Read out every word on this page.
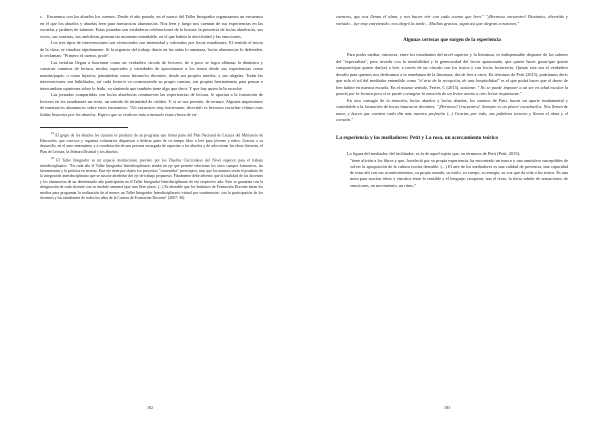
c. Encuentro con los abuelos los cuentos. Desde el año pasado, en el marco del Taller Integrador organizamos un encuentro en el que los abuelos y abuelas leen para nuestros/as alumnos/as. Nos leen y luego nos cuentan de sus experiencias en las escuelas y jardines de infantes. Estas jornadas son verdaderas celebraciones de la lectura: la presencia de los/as abuelos/as, sus voces, sus sonrisas, sus anécdotas generan un momento entrañable, en el que habita la afectividad y las emociones.

Los tres tipos de intervenciones son vivenciados con intensidad y valorados por los/as estudiantes. El sentido el inicio de la clase, se ritualiza rápidamente. Si la urgencia del trabajo diario en las aulas lo amenaza, los/as alumnos/as lo defienden, lo reclaman: "Primero el cuento, profe".

Las tertulias llegan a funcionar como un verdadero círculo de lectores, de a poco se logra alfanzar la dinámica y construir caminos de lectura, modos especiales y variedades de aproximarse a los textos desde sus experiencias como mamás/papás, o como hijas/os, pensándose como futuras/os docentes, desde sus propios miedos, y sus alegrías. Todas las intervenciones son habilitadas, así cada lector/a va construyendo su propio camino, sus propias herramientas para pensar e intercambiar opiniones sobre lo leído, va sintiendo que también tiene algo que decir. Y que hay quien lo/la escuche.

Las jornadas compartidas con los/as abuelos/as conmueven las experiencias de lectura, le aportan a la formación de lectores en los estudiantes un texto, un sentido de intimidad de calidez. Y, si se nos permite, de ternura. Algunas impresiones de nuestras/os alumnas/os sobre estos encuentros: "Un encuentro muy interesante, divertido es hermoso escuchar relatar esas lindas historias por los abuelos. Espero que se realicen más a menudo estas clases de en-

$^{19}$ El grupo de los abuelos les cuentan es producto de un programa que forma parte del Plan Nacional de Lectura del Ministerio de Educación, que convoca y organiza voluntarios dispuestos a dedicar parte de su tiempo libre a leer para jóvenes y niños. Gracias a su desarrollo, en el aseo sentimiento y a coordinación de una persona encargada de capacitar a los abuelos y de seleccionar las obras literarias, el Plan de Lectura, la Jefatura Distrital y los abuelos.

$^{20}$ El Taller Integrador es un espacio institucional, previsto por los Diseños Curriculares del Nivel superior para el trabajo interdisciplinario. "En cada año el Taller Integrador Interdisciplinario tendrá un eje que permite relacionar los otros campos formativos, las herramientas y la práctica en terreno. Este eje tiene por objeto los proyectos "contenidos" prescriptos, sino que los mismos serán el producto de la integración interdisciplinaria que se suscite alrededor del eje de trabajo propuesto. Finalmente debe advertir que la totalidad de los docentes y los alumnos/as de un determinado año participarán en el Taller Integrador Interdisciplinario de ese respectivo año. Esto se garantiza con la designación de cada docente con su modulo semanal (que una lleve plazo. (...) Es deseable que los Institutos de Formación Docente abran los medios para programar la realización de al menos un Taller Integrador Interdisciplinario virtual por cuatrimestre, con la participación de los docentes y los estudiantes de todos los años de la Carrera de Formación Docente" (2007: 36).

182

cuentros, que nos llenan el alma, y nos hacen reír con cada cuento que leen." "¡Hermoso encuentro! Dinámico, divertido y variado... fue muy entretenido; nos alegró la tarde... Muchas gracias, sigan así que alegran corazones."

Algunas certezas que surgen de la experiencia

Para poder mediar, entonces, entre los estudiantes del nivel superior y la literatura, es indispensable disponer de los saberes del "especialista", pero invadir con la sensibilidad y la generosidad del lector apasionado, que quiere hacer gozar/que quiere compartir/que quiere dar(se) a leer, a través de un vínculo con los textos y con los/as lectores/as. Quizás este sea el verdadero desafío para quienes nos dedicamos a la enseñanza de la literatura, dar de leer a otros. En términos de Petit (2015), podríamos decir que solo el rol del mediador entendido como "el arte de la recepción, de una hospitalidad" es el que podrá hacer que el deseo de leer habite en nuestra escuela. En el mismo sentido, Ferrer, C (2015), sostiene: " No se puede imponer a un ser en edad escolar la pasión por la lectura pero sí se puede contagiar la emoción de un lector atento a otro lector inquietante."

En otro contagio de la emoción, los/as abuelos y los/as abuelas, los cuentos de Patri, hacen un aporte fundamental y controlable a la formación de los/as futuras/os docentes: "¡Hermoso! [encuentro]. Siempre es un placer escucharlos. Nos llenan de amor, y hacen que cuenten cada día más nuestra profesión (...) Gracias por todo, sus palabras tocaron y llenan el alma y el corazón."

La experiencia y los mediadores: Petit y La rosa, un acercamiento teórico

La figura del mediador, del facilitador, es la de aquel sujeto que, en términos de Petit (Petit: 2015):

"tiene afición a los libros y que, fortaleció por su propia experiencia, ha encontrado un marco y una atmósfera susceptibles de volver la apropiación de la cultura escrita deseable. (...) El arte de los mediadores es una calidad de presencia, una capacidad de estar ahí con sus acontecimientos, su propio mundo, su estilo, su cuerpo, su energía, su voz que da vida a los textos. Es una mera para suscitar ideas y vínculos entre lo sensible y el lenguaje, recuperar, tras el texto, la tierra sabido de sensaciones, de emociones, un movimiento, un ritmo."

183
